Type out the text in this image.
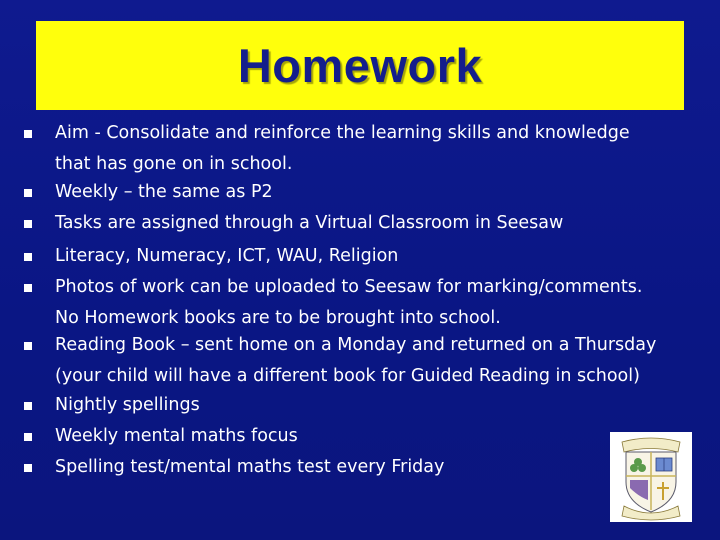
Homework
Aim - Consolidate and reinforce the learning skills and knowledge
that has gone on in school.
Weekly – the same as P2
Tasks are assigned through a Virtual Classroom in Seesaw
Literacy, Numeracy, ICT, WAU, Religion
Photos of work can be uploaded to Seesaw for marking/comments.
No Homework books are to be brought into school.
Reading Book – sent home on a Monday and returned on a Thursday
(your child will have a different book for Guided Reading in school)
Nightly spellings
Weekly mental maths focus
Spelling test/mental maths test every Friday
